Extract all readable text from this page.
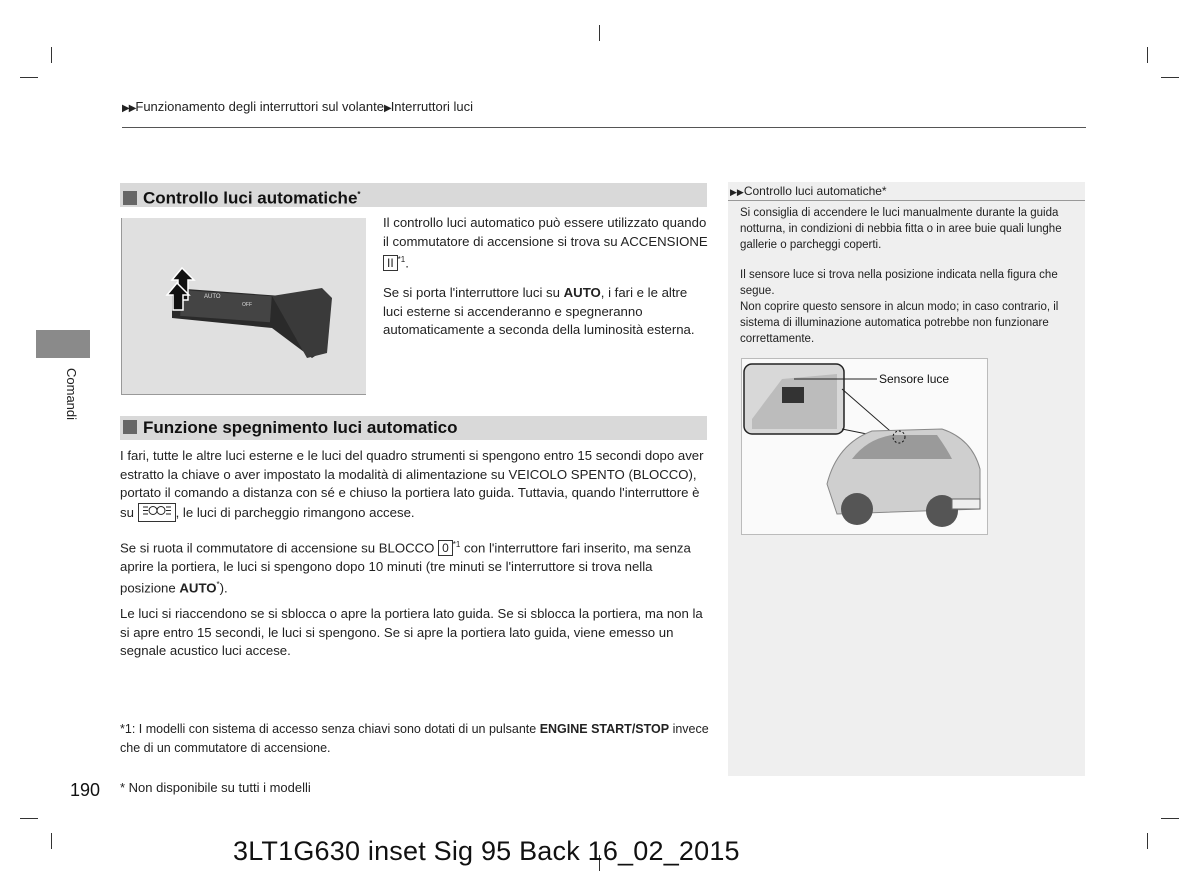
▶▶Funzionamento degli interruttori sul volante▶Interruttori luci
Comandi
Controllo luci automatiche*
AUTO
OFF
Il controllo luci automatico può essere utilizzato quando il commutatore di accensione si trova su ACCENSIONE II $^{*1}$.
Se si porta l'interruttore luci su AUTO, i fari e le altre luci esterne si accenderanno e spegneranno automaticamente a seconda della luminosità esterna.
Funzione spegnimento luci automatico
I fari, tutte le altre luci esterne e le luci del quadro strumenti si spengono entro 15 secondi dopo aver estratto la chiave o aver impostato la modalità di alimentazione su VEICOLO SPENTO (BLOCCO), portato il comando a distanza con sé e chiuso la portiera lato guida. Tuttavia, quando l'interruttore è su	, le luci di parcheggio rimangono accese.
Se si ruota il commutatore di accensione su BLOCCO 0 $^{*1}$ con l'interruttore fari inserito, ma senza aprire la portiera, le luci si spengono dopo 10 minuti (tre minuti se l'interruttore si trova nella posizione AUTO*).
Le luci si riaccendono se si sblocca o apre la portiera lato guida. Se si sblocca la portiera, ma non la si apre entro 15 secondi, le luci si spengono. Se si apre la portiera lato guida, viene emesso un segnale acustico luci accese.
*1: I modelli con sistema di accesso senza chiavi sono dotati di un pulsante ENGINE START/STOP invece che di un commutatore di accensione.
▶▶Controllo luci automatiche*

Si consiglia di accendere le luci manualmente durante la guida notturna, in condizioni di nebbia fitta o in aree buie quali lunghe gallerie o parcheggi coperti.

Il sensore luce si trova nella posizione indicata nella figura che segue.

Non coprire questo sensore in alcun modo; in caso contrario, il sistema di illuminazione automatica potrebbe non funzionare correttamente.

Sensore luce
190 * Non disponibile su tutti i modelli
3LT1G630 inset Sig 95 Back 16_02_2015
